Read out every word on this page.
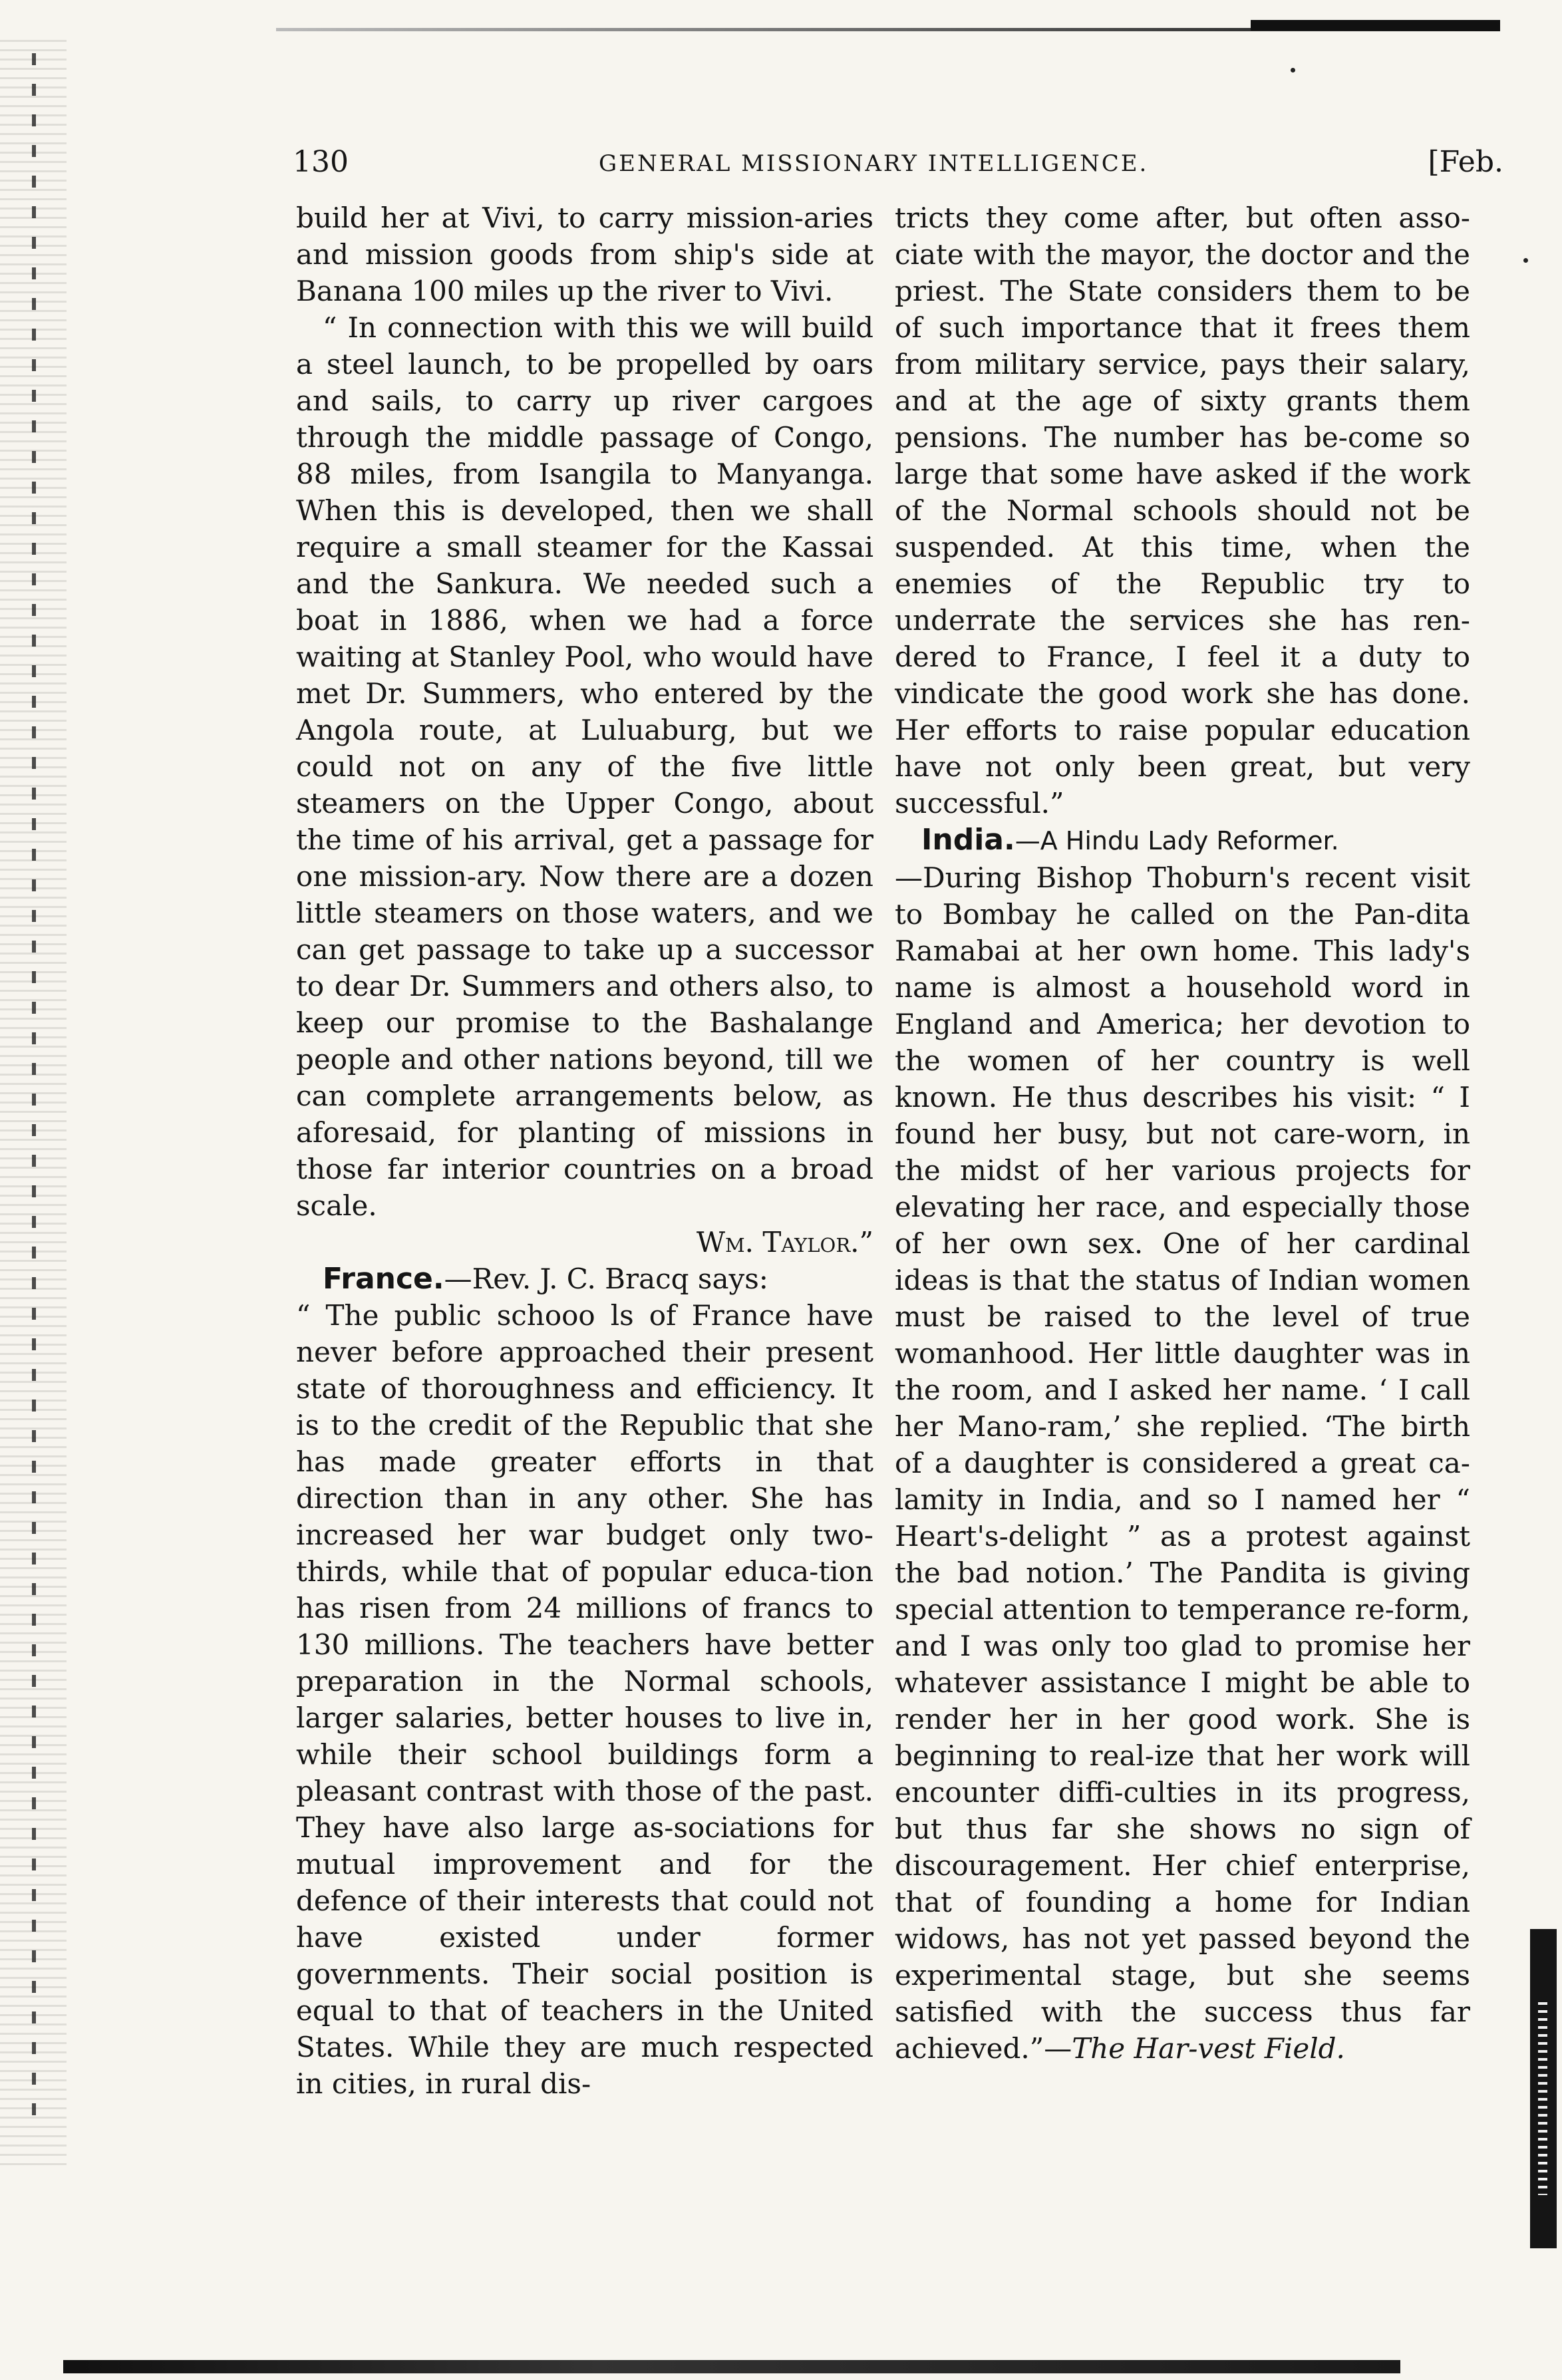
130	GENERAL MISSIONARY INTELLIGENCE.	[Feb.

build her at Vivi, to carry mission-aries and mission goods from ship's side at Banana 100 miles up the river to Vivi.

“ In connection with this we will build a steel launch, to be propelled by oars and sails, to carry up river cargoes through the middle passage of Congo, 88 miles, from Isangila to Manyanga. When this is developed, then we shall require a small steamer for the Kassai and the Sankura. We needed such a boat in 1886, when we had a force waiting at Stanley Pool, who would have met Dr. Summers, who entered by the Angola route, at Luluaburg, but we could not on any of the five little steamers on the Upper Congo, about the time of his arrival, get a passage for one mission-ary. Now there are a dozen little steamers on those waters, and we can get passage to take up a successor to dear Dr. Summers and others also, to keep our promise to the Bashalange people and other nations beyond, till we can complete arrangements below, as aforesaid, for planting of missions in those far interior countries on a broad scale.

Wm. Taylor.”

France.—Rev. J. C. Bracq says:

“ The public schooo ls of France have never before approached their present state of thoroughness and efficiency. It is to the credit of the Republic that she has made greater efforts in that direction than in any other. She has increased her war budget only two-thirds, while that of popular educa-tion has risen from 24 millions of francs to 130 millions. The teachers have better preparation in the Normal schools, larger salaries, better houses to live in, while their school buildings form a pleasant contrast with those of the past. They have also large as-sociations for mutual improvement and for the defence of their interests that could not have existed under former governments. Their social position is equal to that of teachers in the United States. While they are much respected in cities, in rural dis-

tricts they come after, but often asso-ciate with the mayor, the doctor and the priest. The State considers them to be of such importance that it frees them from military service, pays their salary, and at the age of sixty grants them pensions. The number has be-come so large that some have asked if the work of the Normal schools should not be suspended. At this time, when the enemies of the Republic try to underrate the services she has ren-dered to France, I feel it a duty to vindicate the good work she has done. Her efforts to raise popular education have not only been great, but very successful.”

India.—A Hindu Lady Reformer.

—During Bishop Thoburn's recent visit to Bombay he called on the Pan-dita Ramabai at her own home. This lady's name is almost a household word in England and America; her devotion to the women of her country is well known. He thus describes his visit: “ I found her busy, but not care-worn, in the midst of her various projects for elevating her race, and especially those of her own sex. One of her cardinal ideas is that the status of Indian women must be raised to the level of true womanhood. Her little daughter was in the room, and I asked her name. ‘ I call her Mano-ram,’ she replied. ‘The birth of a daughter is considered a great ca-lamity in India, and so I named her “ Heart's-delight ” as a protest against the bad notion.’ The Pandita is giving special attention to temperance re-form, and I was only too glad to promise her whatever assistance I might be able to render her in her good work. She is beginning to real-ize that her work will encounter diffi-culties in its progress, but thus far she shows no sign of discouragement. Her chief enterprise, that of founding a home for Indian widows, has not yet passed beyond the experimental stage, but she seems satisfied with the success thus far achieved.”—The Har-vest Field.
